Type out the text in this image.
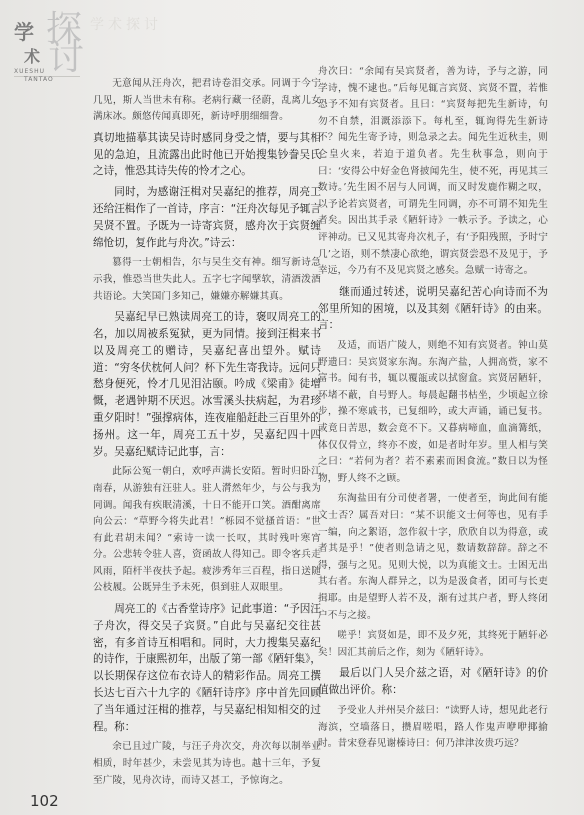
学
术
探
讨
XUESHU
TANTAO
学术探讨

无意闻从汪舟次，把君诗卷泪交承。同调于今宁几见，斯人当世未有称。老病行藏一径蔚，乱离儿女满床冰。颇悠传闻真即死，新诗呼朋细细誊。

真切地描摹其读吴诗时感同身受之情，要与其相见的急迫，且流露出此时他已开始搜集钞誊吴氏之诗，惟恐其诗失传的怜才之心。

同时，为感谢汪楫对吴嘉纪的推荐，周亮工还给汪楫作了一首诗，序言：“汪舟次每见予辄言吴贤不置。予既为一诗寄宾贤，感舟次于宾贤缠绵怆切，复作此与舟次。”诗云：

篡得一士朝相告，尔与吴生交有神。细写新诗急示我，惟恐当世失此人。五字七字闻擘软，清酒泼酒共语论。大笑国门多知己，嫌嫌亦解嫌其真。

吴嘉纪早已熟读周亮工的诗，褒叹周亮工的名，加以周被系冤狱，更为同情。接到汪楫来书以及周亮工的赠诗，吴嘉纪喜出望外。赋诗道：“穷冬伏枕何人问？杯下先生寄我诗。远问只愁身便死，怜才几见泪沾颐。吟成《梁甫》徒增慨，老遇钟期不厌迟。冰雪溪头扶病起，为君珍重夕阳时！”强撑病体，连夜雇船赶赴三百里外的扬州。这一年，周亮工五十岁，吴嘉纪四十四岁。吴嘉纪赋诗记此事，言：

此际公冤一朝白，欢呼声满长安陌。暂时归卧江南春，从游独有汪驻人。驻人潸然年少，与公与我为同调。闻我有疾眠清溪，十日不能开口笑。酒酣离席向公云：“草野今将失此君！”栎园不觉搔首语：“世有此君胡未闻？”索诗一读一长叹，其时残叶寒宵分。公悲转令驻人喜，资函故人得知己。即令客兵走风雨，陌杆半夜扶予起。疲涉秀年三百程，指日送随公枝履。公既异生予未死，俱到驻人双眼里。

周亮工的《古香堂诗序》记此事道：“予因汪子舟次，得交吴子宾贤。”自此与吴嘉纪交往甚密，有多首诗互相唱和。同时，大力搜集吴嘉纪的诗作，于康熙初年，出版了第一部《陋轩集》，以长期保存这位布衣诗人的精彩作品。周亮工撰长达七百六十九字的《陋轩诗序》序中首先回顾了当年通过汪楫的推荐，与吴嘉纪相知相交的过程。称：

余已且过广陵，与汪子舟次交，舟次每以制举业相质，时年甚少，未尝见其为诗也。越十三年，予复至广陵，见舟次诗，而诗又甚工，予惊询之。

舟次曰：“余闻有吴宾贤者，善为诗，予与之游，同学诗，愧不逮也。”后每见辄言宾贤、宾贤不置，若惟恐予不知有宾贤者。且曰：“宾贤每把先生新诗，句勿不自禁，泪溉添添下。每札至，辄询得先生新诗不？闻先生寄予诗，则急录之去。闻先生近秋圭，则仑皇火来，若迫于道负者。先生秋事急，则向于曰：‘安得公中好金色肾披闻先生，使不死，再见其三数诗。’先生困不居与人同调，而又时发鹿作糊之叹，以予论若宾贤者，可谓先生同调，亦不可谓不知先生者矣。因出其手录《陋轩诗》一帙示予。予读之，心评神动。已又见其寄舟次札子，有‘予阳残照，予时宁几’之语，则不禁凄心欲绝，谓宾贤尝恐不及见于，予幸远，今乃有不及见宾贤之感矣。急赋一诗寄之。

继而通过转述，说明吴嘉纪苦心向诗而不为邻里所知的困境，以及其刻《陋轩诗》的由来。言：

及适，而语广陵人，则绝不知有宾贤者。钟山莫野遗曰：吴宾贤家东淘。东淘产盐，人拥高赀，家不富书。闻有书，辄以覆瓿或以拭窗盒。宾贤居陋轩，环堵不蔽，自号野人。每晨起翻书枯坐，少顷起立徐步，操不寒戚书，已复细吟，或大声诵，诵已复书。或竟日苦思，数会竟不下。又暮病啼血，血滴篝纸，体仅仅骨立，终亦不废，如是者时年岁。里人相与笑之曰：“若何为者？若不素素而困食流。”数日以为怪物，野人终不之顾。

东淘盐田有分司使者署，一使者至，询此间有能文士否？属吾对曰：“某不识能文士何等也，见有手一编，向之絮语，忽作叙十字，欣欣自以为得意，或者其是乎！”使者则急请之见，数请数辞辞。辞之不得，强与之见。见则大悦，以为真能文士。士困无出其右者。东淘人群异之，以为是汲食者，团可与长吏揖耶。由是望野人若不及，渐有过其户者，野人终闭户不与之接。

嗟乎！宾贤如是，即不及夕死，其终死于陋轩必矣！因汇其前后之作，刻为《陋轩诗》。

最后以门人吴介兹之语，对《陋轩诗》的价值做出评价。称：

予受业人并州吴介兹曰：“读野人诗，想见此老行海滨，空墙落日，攒眉嗟唱，路人作鬼声咿咿揶揄时。昔宋登春见谢榛诗曰：何乃津津汝贵巧远？

102
